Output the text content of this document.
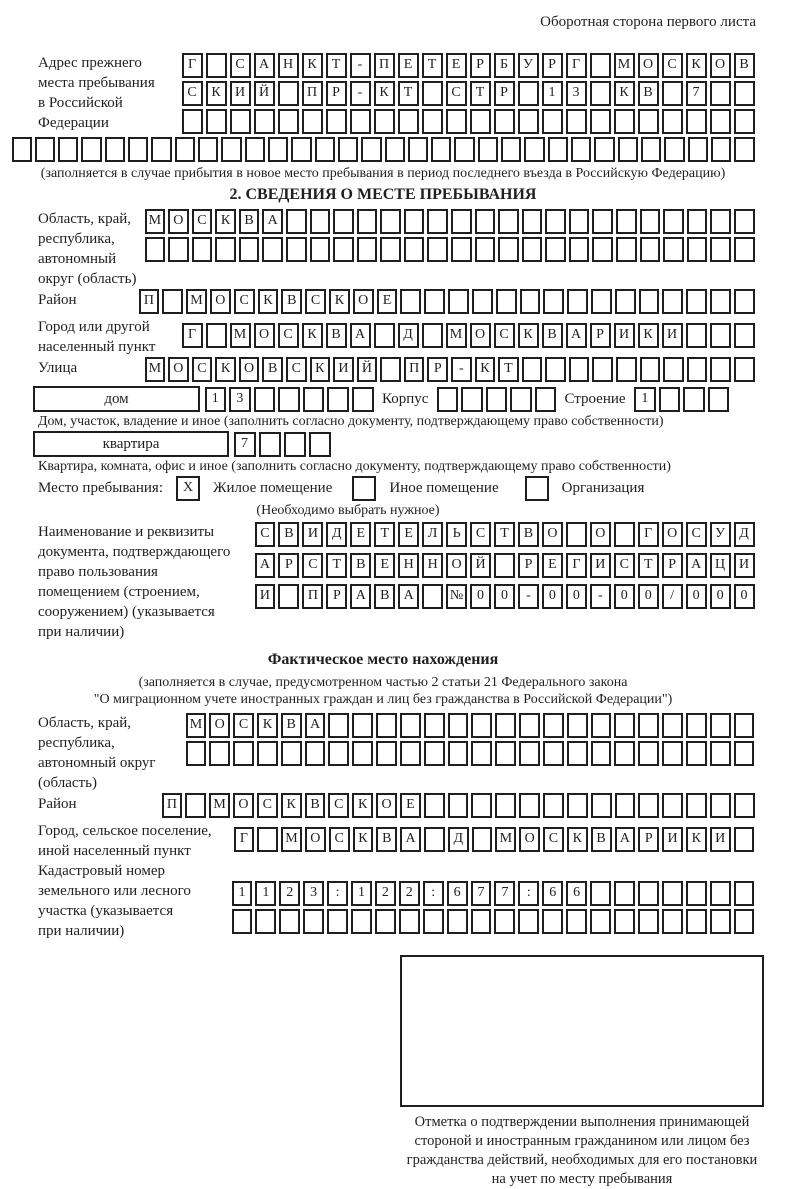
Оборотная сторона первого листа
Адрес прежнего
места пребывания
в Российской
Федерации
Г	С	А Н	К	Т	-	П	Е	Т	Е	Р	Б	У	Р	Г	М О	С	К	О	В
С	К	И Й	П	Р	-	К	Т	С	Т	Р	1	3	К	В	7
(заполняется в случае прибытия в новое место пребывания в период последнего въезда в Российскую Федерацию)
2. СВЕДЕНИЯ О МЕСТЕ ПРЕБЫВАНИЯ
Область, край,
республика,
автономный
округ (область)
М О С	К	В А
Район	П	М О	С	К	В	С	К	О	Е
Город или другой
населенный пункт
Г	М О	С	К	В	А	Д	М О	С	К	В	А	Р	И	К	И
Улица	М О С	К О В	С	К И Й	П	Р	-	К	Т
дом	1	3	Корпус	Строение	1
Дом, участок, владение и иное (заполнить согласно документу, подтверждающему право собственности)
квартира	7
Квартира, комната, офис и иное (заполнить согласно документу, подтверждающему право собственности)
Место пребывания:	X	Жилое помещение	Иное помещение	Организация
(Необходимо выбрать нужное)
Наименование и реквизиты
документа, подтверждающего
право пользования
помещением (строением,
сооружением) (указывается
при наличии)
С	В	И	Д	Е	Т	Е	Л	Ь	С	Т	В	О	О	Г	О	С	У	Д
А	Р	С	Т	В	Е	Н Н О Й	Р	Е	Г	И	С	Т	Р	А Ц И
И	П	Р	А	В	А	№ 0	0	-	0	0	-	0	0	/	0	0	0
Фактическое место нахождения
(заполняется в случае, предусмотренном частью 2 статьи 21 Федерального закона
"О миграционном учете иностранных граждан и лиц без гражданства в Российской Федерации")
Область, край,
республика,
автономный округ
(область)
М О	С	К	В	А
Район	П	М О	С	К	В	С	К	О	Е
Город, сельское поселение,
иной населенный пункт
Г	М О	С	К	В	А	Д	М О	С	К	В	А	Р	И	К	И
Кадастровый номер
земельного или лесного
участка (указывается
при наличии)
1	1	2	3	:	1	2	2	:	6	7	7	:	6	6
Отметка о подтверждении выполнения принимающей
стороной и иностранным гражданином или лицом без
гражданства действий, необходимых для его постановки
на учет по месту пребывания
